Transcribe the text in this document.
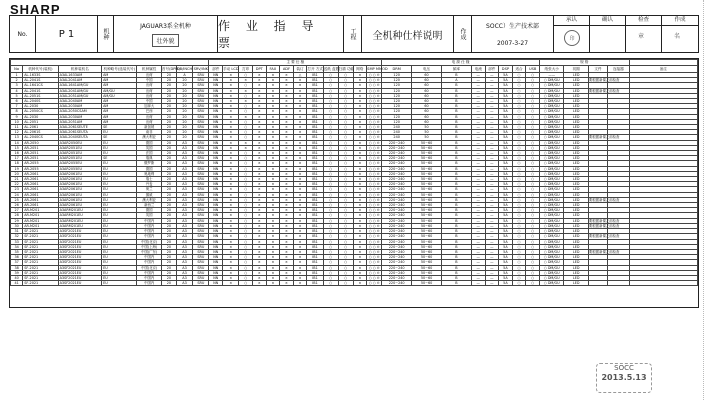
SHARP
No.	P 1	机种
JAGUAR3系全机种
壮外貌
作 业 指 导 票
工程	全机种仕样说明	作成
SOCC）生产技术部
2007-3-27
承认
印
确认	检查
章
作成
名
								主 要 仕 様												电 源 仕 様								规 格				
No	机种代号(装机)	机种装机名	机种略号(选装代号)	机种属性	首号(DPM)	DB/INCH	SRV/INK	部件	手动 LCD	打印	DPT	FAX	ADF	装订	打开 方式	送纸 盒数	扫描 功能	网络	SMP MMOD	DRM	电压	频率	电流	部件	DSP	适合	USB	纸张大小	初期	文件	连接器	备注
1	AL-1633S	A3AL1633AM	AM	出荷	20	A	SRU	NN	×	○	×	×	×	△	IB1	○	○	×	○ ○ ⊙	120	60	B	—	—	5A	○	○	——	LED			
2	AL-2041S	A3AL2041AM	AM	中国	20	20	SRU	NN	×	×	×	×	×	×	IB1	○	○	×	○ ○ ⊙	120	60	A	—	—	5A	○	○	○ DM/GU	LED	要根据新课之前检查		
3	AL-1641CS	A3AL1641AM/GU	AM	出荷	20	20	SRU	NN	×	○	×	×	×	×	IB1	○	○	×	○ ○ ⊙	120	60	B	—	—	5A	○	○	○ DM/GU	LED			
4	AL-2041S	A3AL2041AM/GU	AM/GU	出荷	20	20	SRU	NN	×	×	×	×	×	×	IB1	○	○	×	○ ○ ⊙	120	60	B	—	—	5A	○	○	○ DM/GU	LED	要根据新课之前检查		
5	AL-2051S	A3AL2051AM/GU	AM/GU	出荷	20	20	SRU	NN	×	○	×	×	×	×	IB1	○	○	×	○ ○ ⊙	120	60	B	—	—	5A	○	○	○ DM/GU	LED			
6	AL-2040S	A3AL2040AM	AM	中国	20	20	SRU	NN	×	×	×	×	×	×	IB1	○	○	×	○ ○ ⊙	120	60	B	—	—	5A	○	○	○ DM/GU	LED			
7	AL-2030	A3AL2030AM	AM	加拿大	20	20	SRU	NN	×	○	×	×	×	×	IB1	○	○	×	○ ○ ⊙	120	60	B	—	—	5A	○	○	○ DM/GU	LED			
8	AL-2050CS	A3AL2050CSAM	AM	巴西	20	20	SRU	NN	×	○	×	×	×	×	IB1	○	○	×	○ ○ ⊙	120	60	B	—	—	5A	○	○	○ DM/GU	LED			
9	AL-2030	A3AL2030AM	AM	出荷	20	20	SRU	NN	×	×	×	×	×	×	IB1	○	○	×	○ ○ ⊙	120	60	B	—	—	5A	○	○	○ DM/GU	LED			
10	AL-2051	A3AL2051AM	AM	出荷	20	20	SRU	NN	×	○	×	×	×	×	IB1	○	○	×	○ ○ ⊙	120	60	B	—	—	5A	○	○	○ DM/GU	LED			
11	AL-2061	A3AL2061SEUTE	SE	新加坡	20	20	SRU	NN	×	○	×	×	×	×	IB1	○	○	×	○ ○ ⊙	240	50	B	—	—	5A	○	○	○ DM/GU	LED			
12	AL-2061S	A3AL2061SEUTA	EU	南非	20	20	SRU	NN	×	○	×	×	×	×	IB1	○	○	×	○ ○ ⊙	240	50	B	—	—	5A	○	○	○ DM/GU	LED			
13	AL-2040CS	A3AL2040SEUTA	SE	澳大利亚	20	20	SRU	NN	×	○	×	×	×	×	IB1	○	○	×	○ ○ ⊙	240	50	B	—	—	5A	○	○	○ DM/GU	LED	要根据新课之前检查		
14	AR-2050	A3AR2050EU	EU	德国	20	A3	SRU	NN	×	×	×	×	×	×	IB1	○	○	×	○ ○ ⊙	220~240	50~60	B	—	—	5A	○	○	○ DM/GU	LED			
15	AR-2051	A3AR2051EU	EU	英国	20	A3	SRU	NN	×	×	×	×	×	×	IB1	○	○	×	○ ○ ⊙	220~240	50~60	B	—	—	5A	○	○	○ DM/GU	LED			
16	AR-2051	A3AR2051EU	EU	法国	20	A3	SRU	NN	×	○	×	×	×	×	IB1	○	○	×	○ ○ ⊙	220~240	50~60	B	—	—	5A	○	○	○ DM/GU	LED			
17	AR-2051	A3AR2051EU	SE	瑞典	20	A3	SRU	NN	×	○	×	×	×	×	IB1	○	○	×	○ ○ ⊙	220~240	50~60	B	—	—	5A	○	○	○ DM/GU	LED			
18	AR-2055	A3AR2055EU	EU	俄罗斯	20	A3	SRU	NN	×	○	×	×	×	×	IB1	○	○	×	○ ○ ⊙	220~240	50~60	B	—	—	5A	○	○	○ DM/GU	LED			
19	AR-2055	A3AR2055EU	EU	德国	20	A3	SRU	NN	×	○	×	×	×	×	IB1	○	○	×	○ ○ ⊙	220~240	50~60	B	—	—	5A	○	○	○ DM/GU	LED			
20	AR-2061	A3AR2061EU	EU	奥地利	20	A3	SRU	NN	×	○	×	×	×	×	IB1	○	○	×	○ ○ ⊙	220~240	50~60	B	—	—	5A	○	○	○ DM/GU	LED			
21	AR-2061	A3AR2061EU	EU	瑞士	20	A3	SRU	NN	×	○	×	×	×	×	IB1	○	○	×	○ ○ ⊙	220~240	50~60	B	—	—	5A	○	○	○ DM/GU	LED			
22	AR-2061	A3AR2061EU	EU	丹麦	20	A3	SRU	NN	×	○	×	×	×	×	IB1	○	○	×	○ ○ ⊙	220~240	50~60	B	—	—	5A	○	○	○ DM/GU	LED			
23	AR-2061	A3AR2061EU	EU	荷兰	20	A3	SRU	NN	×	○	×	×	×	×	IB1	○	○	×	○ ○ ⊙	220~240	50~60	B	—	—	5A	○	○	○ DM/GU	LED			
24	AR-2061	A3AR2061EU	EU	挪威	20	A3	SRU	NN	×	○	×	×	×	×	IB1	○	○	×	○ ○ ⊙	220~240	50~60	B	—	—	5A	○	○	○ DM/GU	LED			
25	AR-2061	A3AR2061EU	EU	澳大利亚	20	A3	SRU	NN	×	○	×	×	×	×	IB1	○	○	×	○ ○ ⊙	220~240	50~60	B	—	—	5A	○	○	○ DM/GU	LED	要根据新课之前检查		
26	AR-2061	A3AR2061EU	EU	新西兰	20	A3	SRU	NN	×	○	×	×	×	×	IB1	○	○	×	○ ○ ⊙	220~240	50~60	B	—	—	5A	○	○	○ DM/GU	LED			
27	AR-M201	A3ARM201EU	EU	德国	20	A3	SRU	NN	×	○	×	×	×	×	IB1	○	○	×	○ ○ ⊙	220~240	50~60	B	—	—	5A	○	○	○ DM/GU	LED			
28	AR-M201	A3ARM201EU	EU	英国	20	A3	SRU	NN	×	○	×	×	×	×	IB1	○	○	×	○ ○ ⊙	220~240	50~60	B	—	—	5A	○	○	○ DM/GU	LED			
29	AR-M201	A3ARM201EU	EU	中国内	20	A3	SRU	NN	×	○	×	×	×	×	IB1	○	○	×	○ ○ ⊙	220~240	50~60	B	—	—	5A	○	○	○ DM/GU	LED	要根据新课之前检查		
30	AR-M201	A3ARM201EU	EU	中国内	20	A3	SRU	NN	×	○	×	×	×	×	IB1	○	○	×	○ ○ ⊙	220~240	50~60	B	—	—	5A	○	○	○ DM/GU	LED	要根据新课之前检查		
31	SF-2021	A3SF2021EU	EU	中国内	20	A3	SRU	NN	×	○	×	×	×	×	IB1	○	○	×	○ ○ ⊙	220~240	50~60	B	—	—	5A	○	○	○ DM/GU	LED			
32	SF-2021	A3SF2021EU	EU	中国内	20	A3	SRU	NN	×	○	×	×	×	×	IB1	○	○	×	○ ○ ⊙	220~240	50~60	B	—	—	5A	○	○	○ DM/GU	LED	要根据新课之前检查		
33	SF-2021	A3SF2021EU	EU	中国(北京)	20	A3	SRU	NN	×	○	×	×	×	×	IB1	○	○	×	○ ○ ⊙	220~240	50~60	B	—	—	5A	○	○	○ DM/GU	LED			
34	SF-2021	A3SF2021EU	EU	中国(上海)	20	A3	SRU	NN	×	○	×	×	×	×	IB1	○	○	×	○ ○ ⊙	220~240	50~60	B	—	—	5A	○	○	○ DM/GU	LED			
35	SF-2021	A3SF2021EU	EU	中国(广东)	20	A3	SRU	NN	×	○	×	×	×	×	IB1	○	○	×	○ ○ ⊙	220~240	50~60	B	—	—	5A	○	○	○ DM/GU	LED	要根据新课之前检查		
36	SF-2021	A3SF2021EU	EU	中国内	20	A3	SRU	NN	×	○	×	×	×	×	IB1	○	○	×	○ ○ ⊙	220~240	50~60	B	—	—	5A	○	○	○ DM/GU	LED			
37	SF-2021	A3SF2021EU	EU	中国内	20	A3	SRU	NN	×	○	×	×	×	×	IB1	○	○	×	○ ○ ⊙	220~240	50~60	B	—	—	5A	○	○	○ DM/GU	LED			
38	SF-2021	A3SF2021EU	EU	中国(北京)	20	A3	SRU	NN	×	○	×	×	×	×	IB1	○	○	×	○ ○ ⊙	220~240	50~60	B	—	—	5A	○	○	○ DM/GU	LED			
39	SF-2021	A3SF2021EU	EU	中国内	20	A3	SRU	NN	×	○	×	×	×	×	IB1	○	○	×	○ ○ ⊙	220~240	50~60	B	—	—	5A	○	○	○ DM/GU	LED			
40	SF-2021	A3SF2021EU	EU	中国内	20	A3	SRU	NN	×	○	×	×	×	×	IB1	○	○	×	○ ○ ⊙	220~240	50~60	B	—	—	5A	○	○	○ DM/GU	LED			
41	SF-2021	A3SF2021EU	EU	中国内	20	A3	SRU	NN	×	○	×	×	×	×	IB1	○	○	×	○ ○ ⊙	220~240	50~60	B	—	—	5A	○	○	○ DM/GU	LED			
SOCC
2013.5.13
